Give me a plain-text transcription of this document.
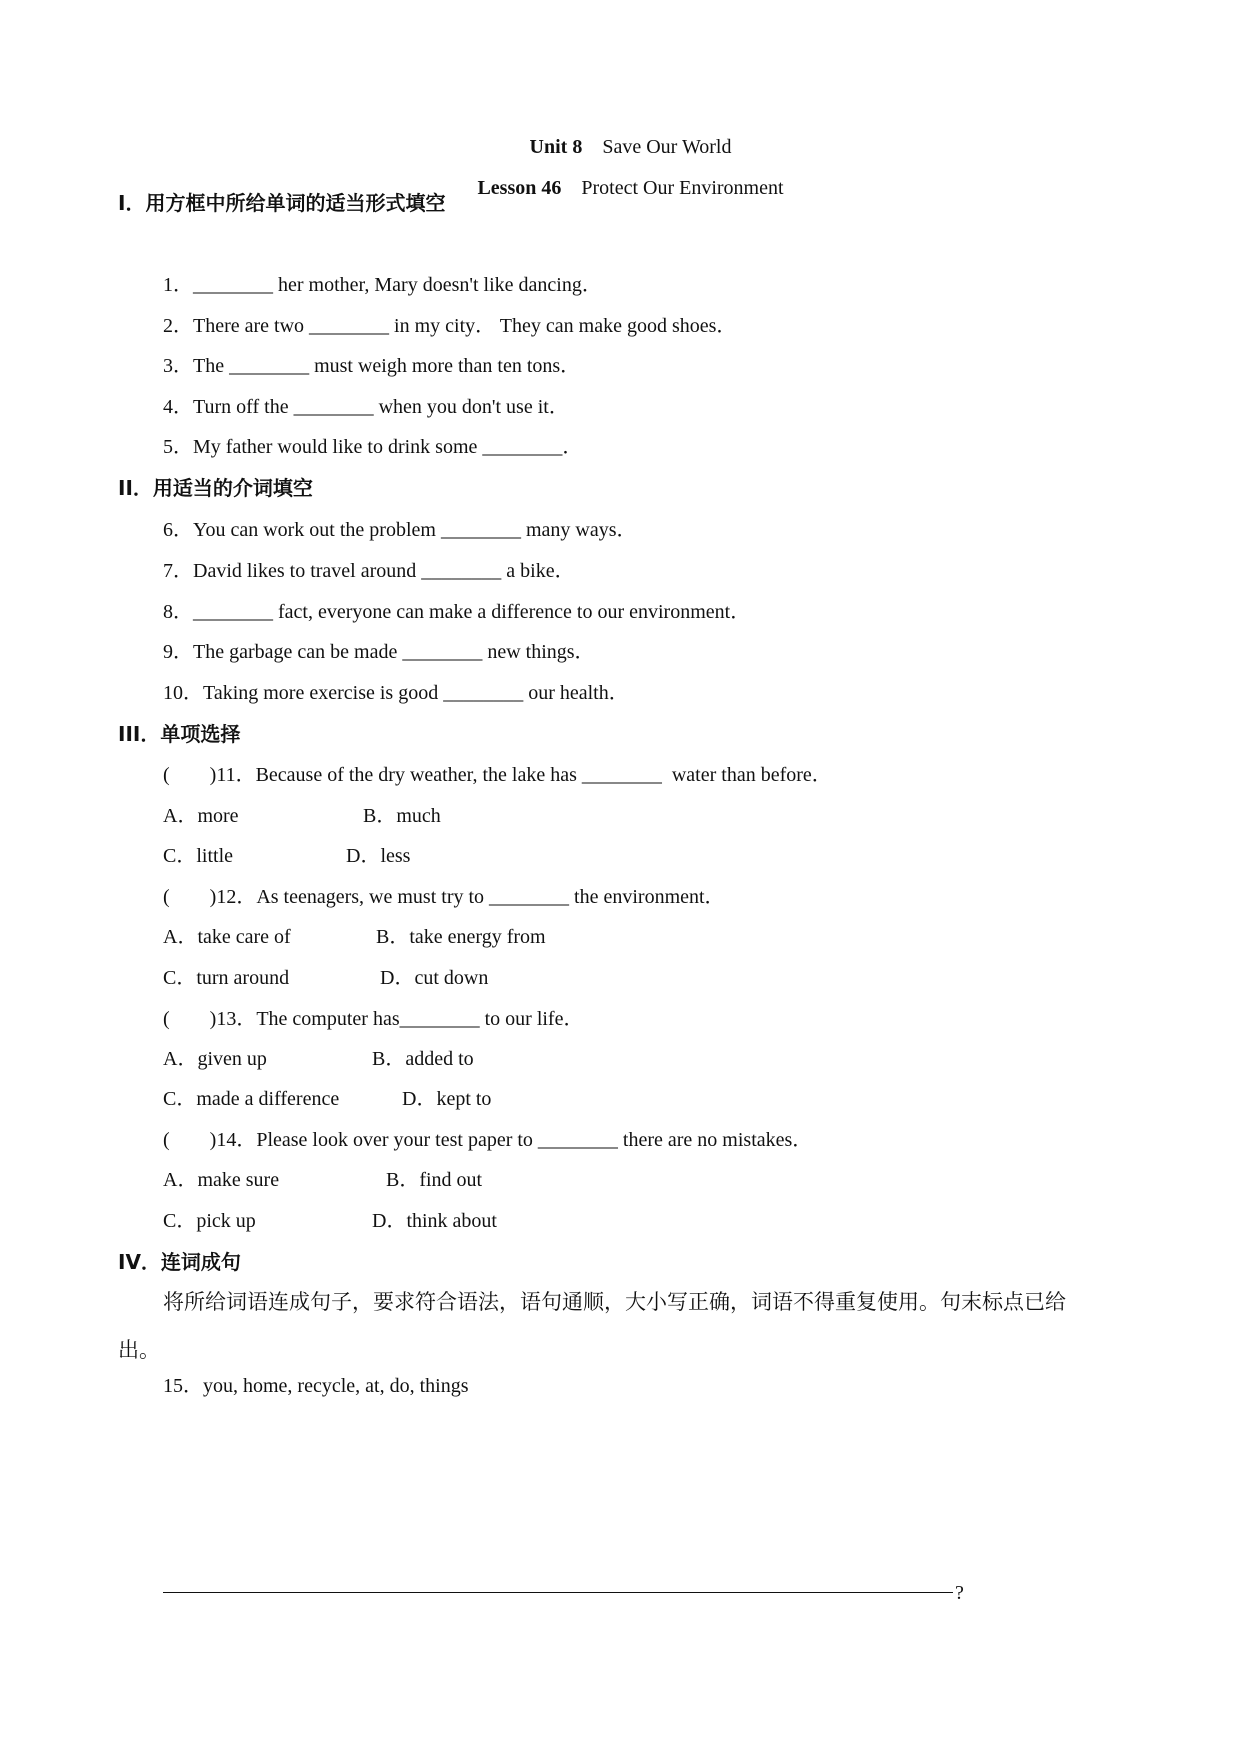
Unit 8  Save Our World

Lesson 46  Protect Our Environment

I．用方框中所给单词的适当形式填空
1．________ her mother, Mary doesn't like dancing．
2．There are two ________ in my city． They can make good shoes．
3．The ________ must weigh more than ten tons．
4．Turn off the ________ when you don't use it．
5．My father would like to drink some ________．
II．用适当的介词填空
6．You can work out the problem ________ many ways．
7．David likes to travel around ________ a bike．
8．________ fact, everyone can make a difference to our environment．
9．The garbage can be made ________ new things．
10．Taking more exercise is good ________ our health．
III．单项选择
(　　)11．Because of the dry weather, the lake has ________  water than before．
A．more	B．much
C．little	D．less
(　　)12．As teenagers, we must try to ________ the environment．
A．take care of	B．take energy from
C．turn around	D．cut down
(　　)13．The computer has________ to our life．
A．given up	B．added to
C．made a difference	D．kept to
(　　)14．Please look over your test paper to ________ there are no mistakes．
A．make sure	B．find out
C．pick up	D．think about
IV．连词成句
将所给词语连成句子，要求符合语法，语句通顺，大小写正确，词语不得重复使用。句末标点已给
出。
15．you, home, recycle, at, do, things
?
